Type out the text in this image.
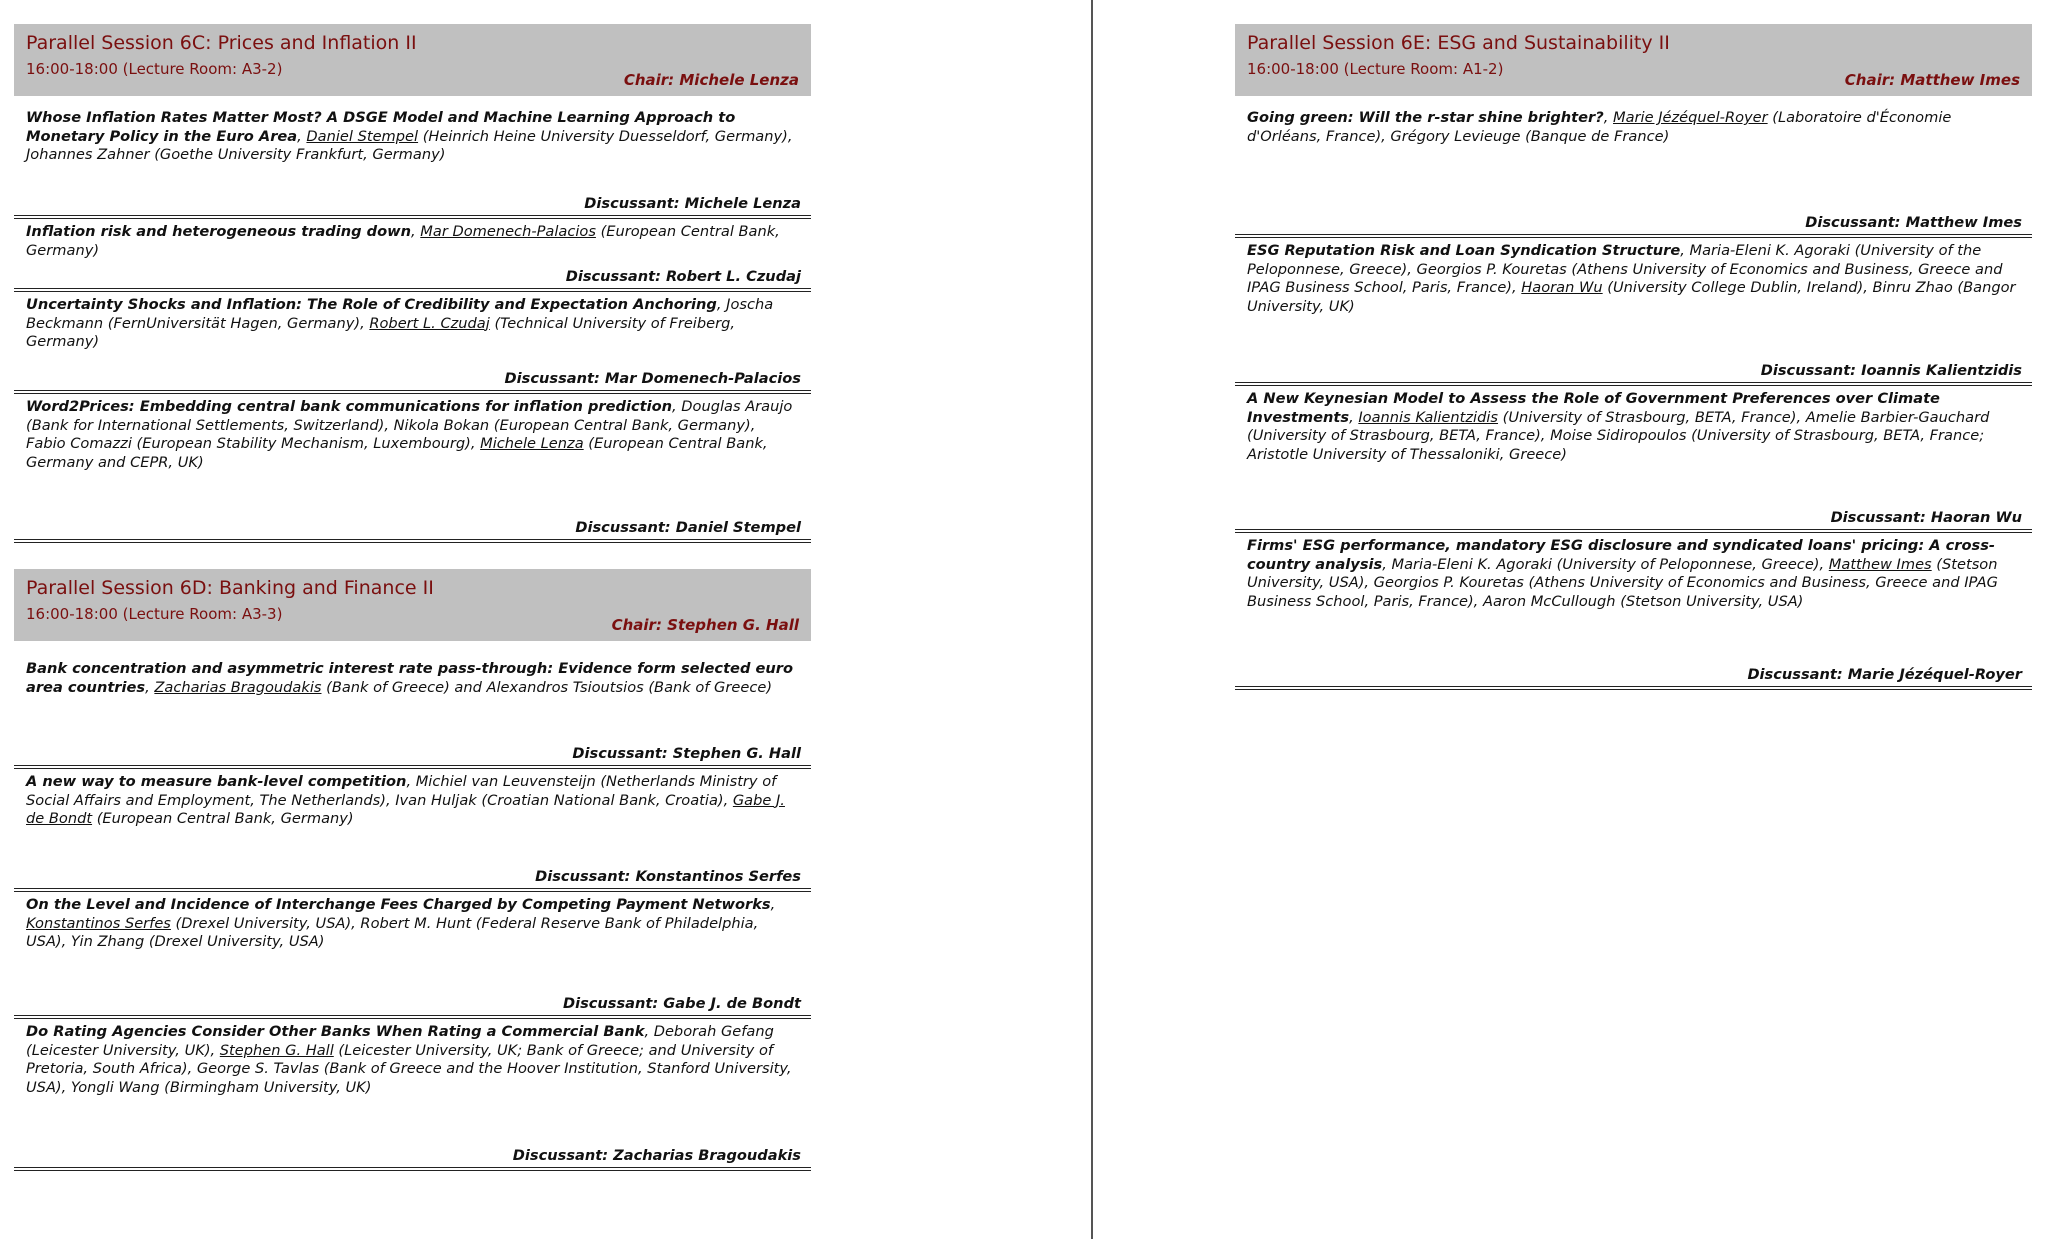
Parallel Session 6C: Prices and Inflation II
16:00-18:00 (Lecture Room: A3-2)
Chair: Michele Lenza
Whose Inflation Rates Matter Most? A DSGE Model and Machine Learning Approach to Monetary Policy in the Euro Area, Daniel Stempel (Heinrich Heine University Duesseldorf, Germany), Johannes Zahner (Goethe University Frankfurt, Germany)
Discussant: Michele Lenza
Inflation risk and heterogeneous trading down, Mar Domenech-Palacios (European Central Bank, Germany)
Discussant: Robert L. Czudaj
Uncertainty Shocks and Inflation: The Role of Credibility and Expectation Anchoring, Joscha Beckmann (FernUniversität Hagen, Germany), Robert L. Czudaj (Technical University of Freiberg, Germany)
Discussant: Mar Domenech-Palacios
Word2Prices: Embedding central bank communications for inflation prediction, Douglas Araujo (Bank for International Settlements, Switzerland), Nikola Bokan (European Central Bank, Germany), Fabio Comazzi (European Stability Mechanism, Luxembourg), Michele Lenza (European Central Bank, Germany and CEPR, UK)
Discussant: Daniel Stempel
Parallel Session 6D: Banking and Finance II
16:00-18:00 (Lecture Room: A3-3)
Chair: Stephen G. Hall
Bank concentration and asymmetric interest rate pass-through: Evidence form selected euro area countries, Zacharias Bragoudakis (Bank of Greece) and Alexandros Tsioutsios (Bank of Greece)
Discussant: Stephen G. Hall
A new way to measure bank-level competition, Michiel van Leuvensteijn (Netherlands Ministry of Social Affairs and Employment, The Netherlands), Ivan Huljak (Croatian National Bank, Croatia), Gabe J. de Bondt (European Central Bank, Germany)
Discussant: Konstantinos Serfes
On the Level and Incidence of Interchange Fees Charged by Competing Payment Networks, Konstantinos Serfes (Drexel University, USA), Robert M. Hunt (Federal Reserve Bank of Philadelphia, USA), Yin Zhang (Drexel University, USA)
Discussant: Gabe J. de Bondt
Do Rating Agencies Consider Other Banks When Rating a Commercial Bank, Deborah Gefang (Leicester University, UK), Stephen G. Hall (Leicester University, UK; Bank of Greece; and University of Pretoria, South Africa), George S. Tavlas (Bank of Greece and the Hoover Institution, Stanford University, USA), Yongli Wang (Birmingham University, UK)
Discussant: Zacharias Bragoudakis
Parallel Session 6E: ESG and Sustainability II
16:00-18:00 (Lecture Room: A1-2)
Chair: Matthew Imes
Going green: Will the r-star shine brighter?, Marie Jézéquel-Royer (Laboratoire d'Économie d'Orléans, France), Grégory Levieuge (Banque de France)
Discussant: Matthew Imes
ESG Reputation Risk and Loan Syndication Structure, Maria-Eleni K. Agoraki (University of the Peloponnese, Greece), Georgios P. Kouretas (Athens University of Economics and Business, Greece and IPAG Business School, Paris, France), Haoran Wu (University College Dublin, Ireland), Binru Zhao (Bangor University, UK)
Discussant: Ioannis Kalientzidis
A New Keynesian Model to Assess the Role of Government Preferences over Climate Investments, Ioannis Kalientzidis (University of Strasbourg, BETA, France), Amelie Barbier-Gauchard (University of Strasbourg, BETA, France), Moise Sidiropoulos (University of Strasbourg, BETA, France; Aristotle University of Thessaloniki, Greece)
Discussant: Haoran Wu
Firms' ESG performance, mandatory ESG disclosure and syndicated loans' pricing: A cross-country analysis, Maria-Eleni K. Agoraki (University of Peloponnese, Greece), Matthew Imes (Stetson University, USA), Georgios P. Kouretas (Athens University of Economics and Business, Greece and IPAG Business School, Paris, France), Aaron McCullough (Stetson University, USA)
Discussant: Marie Jézéquel-Royer
